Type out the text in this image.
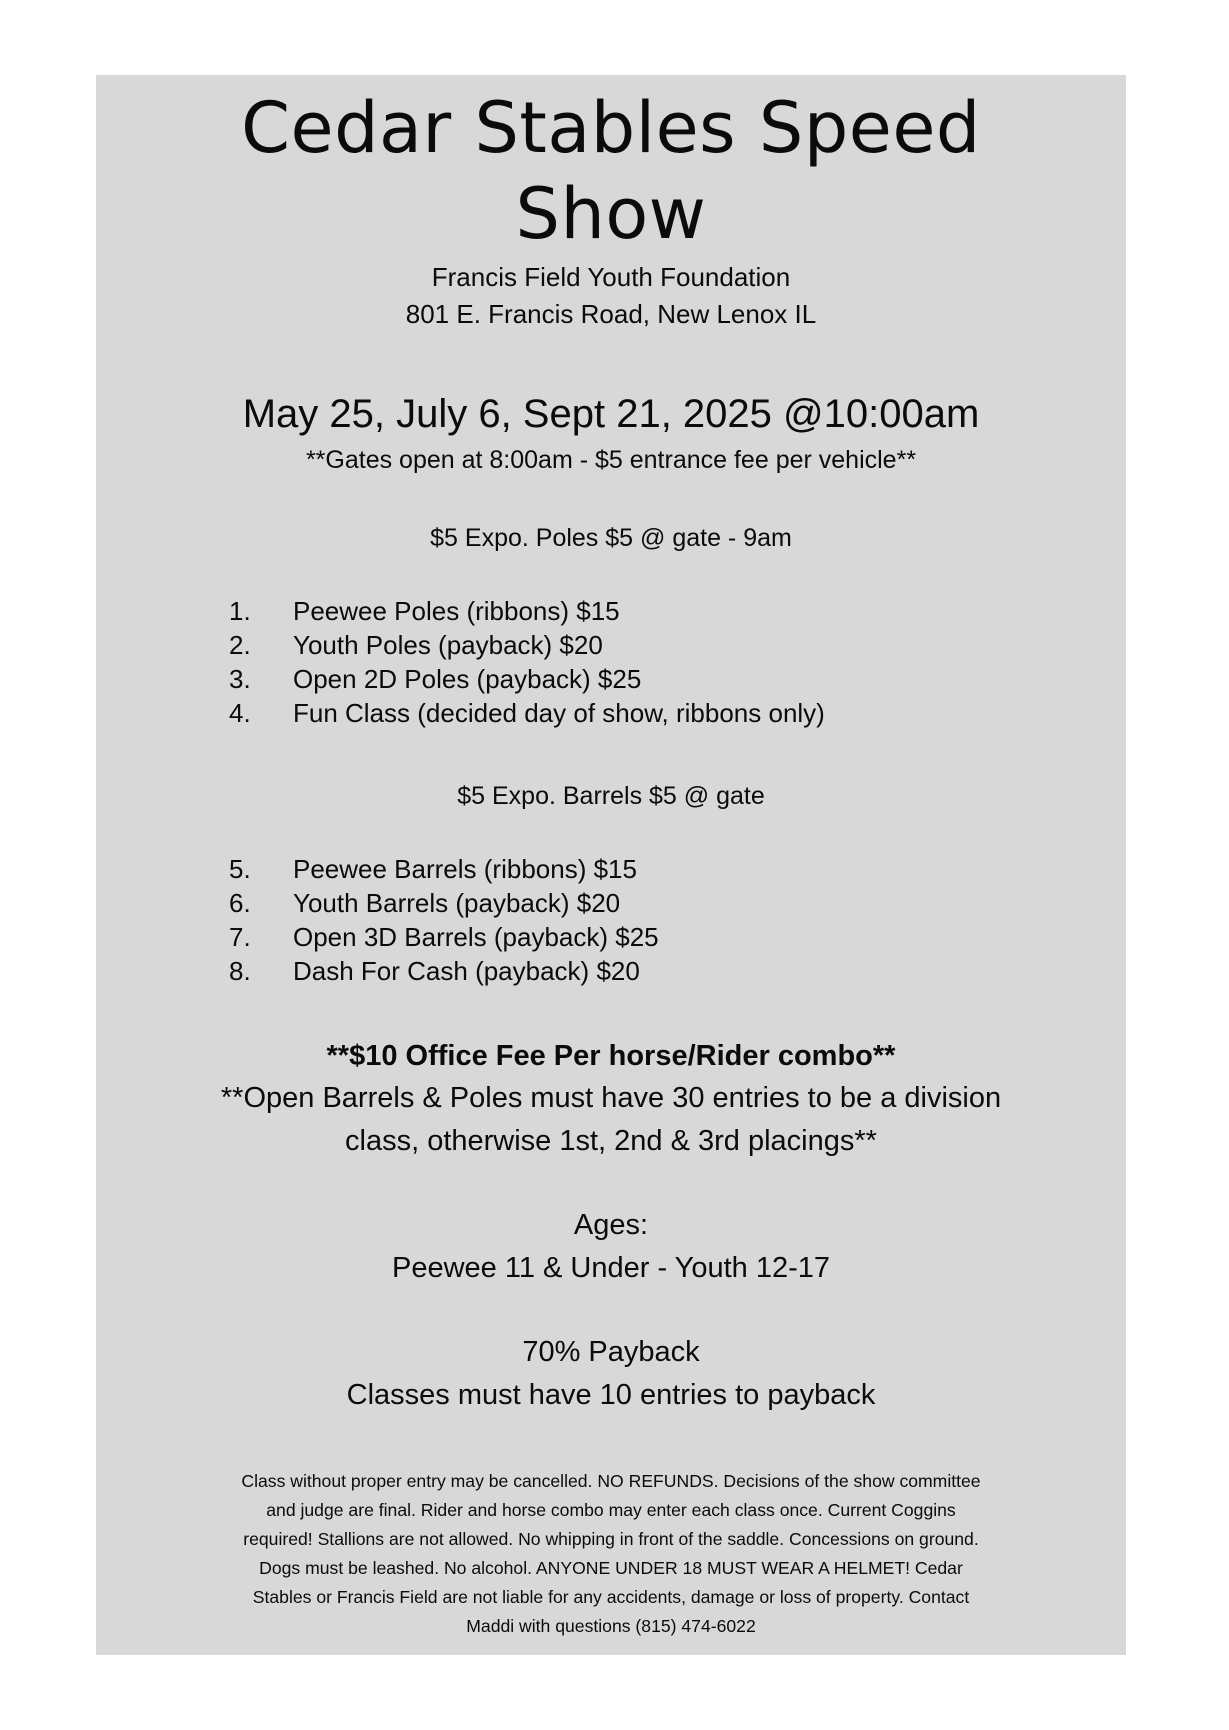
Cedar Stables Speed
Show
Francis Field Youth Foundation
801 E. Francis Road, New Lenox IL
May 25, July 6, Sept 21, 2025 @10:00am
**Gates open at 8:00am - $5 entrance fee per vehicle**
$5 Expo. Poles $5 @ gate - 9am
1.	Peewee Poles (ribbons) $15
2.	Youth Poles (payback) $20
3.	Open 2D Poles (payback) $25
4.	Fun Class (decided day of show, ribbons only)
$5 Expo. Barrels $5 @ gate
5.	Peewee Barrels (ribbons) $15
6.	Youth Barrels (payback) $20
7.	Open 3D Barrels (payback) $25
8.	Dash For Cash (payback) $20
**$10 Office Fee Per horse/Rider combo**
**Open Barrels & Poles must have 30 entries to be a division
class, otherwise 1st, 2nd & 3rd placings**
Ages:
Peewee 11 & Under - Youth 12-17
70% Payback
Classes must have 10 entries to payback
Class without proper entry may be cancelled. NO REFUNDS. Decisions of the show committee
and judge are final. Rider and horse combo may enter each class once. Current Coggins
required! Stallions are not allowed. No whipping in front of the saddle. Concessions on ground.
Dogs must be leashed. No alcohol. ANYONE UNDER 18 MUST WEAR A HELMET! Cedar
Stables or Francis Field are not liable for any accidents, damage or loss of property. Contact
Maddi with questions (815) 474-6022
